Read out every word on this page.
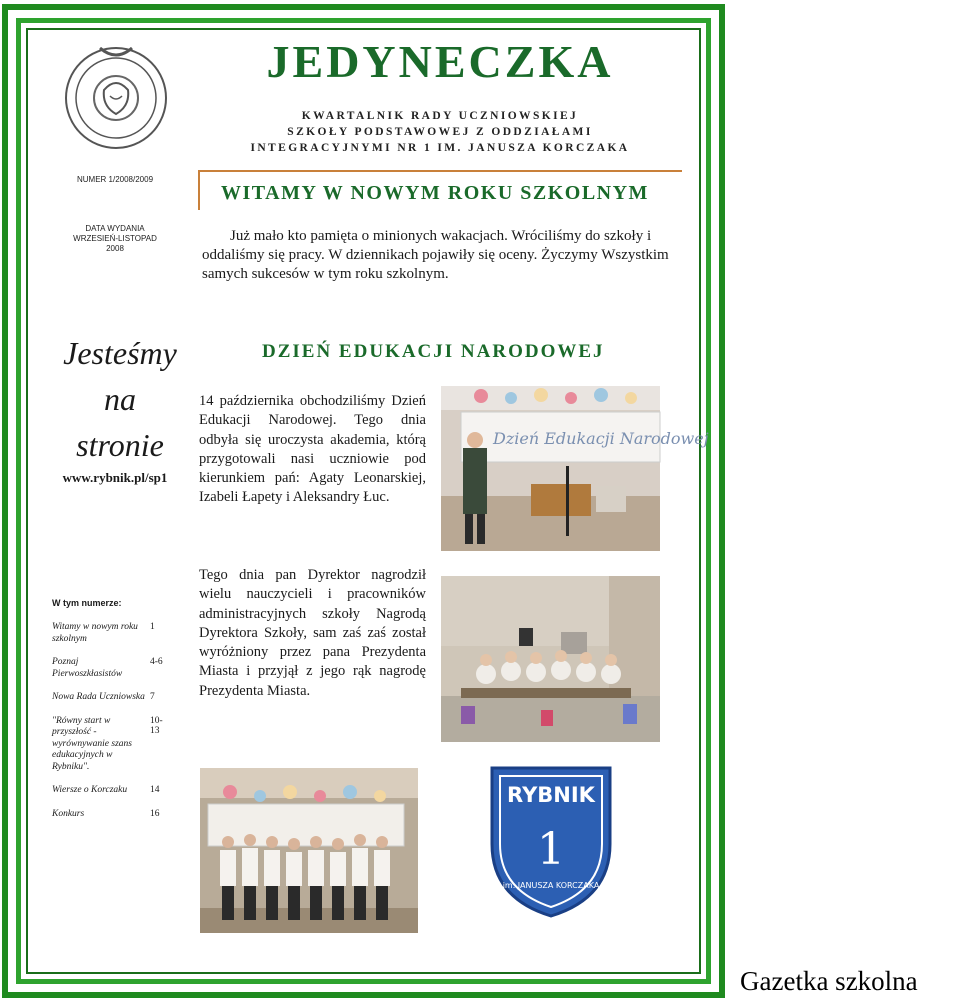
JEDYNECZKA
KWARTALNIK RADY UCZNIOWSKIEJ
SZKOŁY PODSTAWOWEJ Z ODDZIAŁAMI
INTEGRACYJNYMI NR 1 IM. JANUSZA KORCZAKA
NUMER 1/2008/2009
DATA WYDANIA
WRZESIEŃ-LISTOPAD
2008
WITAMY W NOWYM ROKU SZKOLNYM
Już mało kto pamięta o minionych wakacjach. Wróciliśmy do szkoły i oddaliśmy się pracy. W dziennikach pojawiły się oceny. Życzymy Wszystkim samych sukcesów w tym roku szkolnym.
Jesteśmy
na
stronie
www.rybnik.pl/sp1
DZIEŃ EDUKACJI NARODOWEJ
14 października obchodziliśmy Dzień Edukacji Narodowej. Tego dnia odbyła się uroczysta akademia, którą przygotowali nasi uczniowie pod kierunkiem pań: Agaty Leonarskiej, Izabeli Łapety i Aleksandry Łuc.
Tego dnia pan Dyrektor nagrodził wielu nauczycieli i pracowników administracyjnych szkoły Nagrodą Dyrektora Szkoły, sam zaś zaś został wyróżniony przez pana Prezydenta Miasta i przyjął z jego rąk nagrodę Prezydenta Miasta.
Dzień Edukacji Narodowej
RYBNIK
1
im. JANUSZA KORCZAKA
W tym numerze:
Witamy w nowym roku szkolnym
1
Poznaj Pierwoszkłasistów
4-6
Nowa Rada Uczniowska 7
"Równy start w przyszłość - wyrównywanie szans edukacyjnych w Rybniku".
10-13
Wiersze o Korczaku	14
Konkurs	16
Gazetka szkolna
